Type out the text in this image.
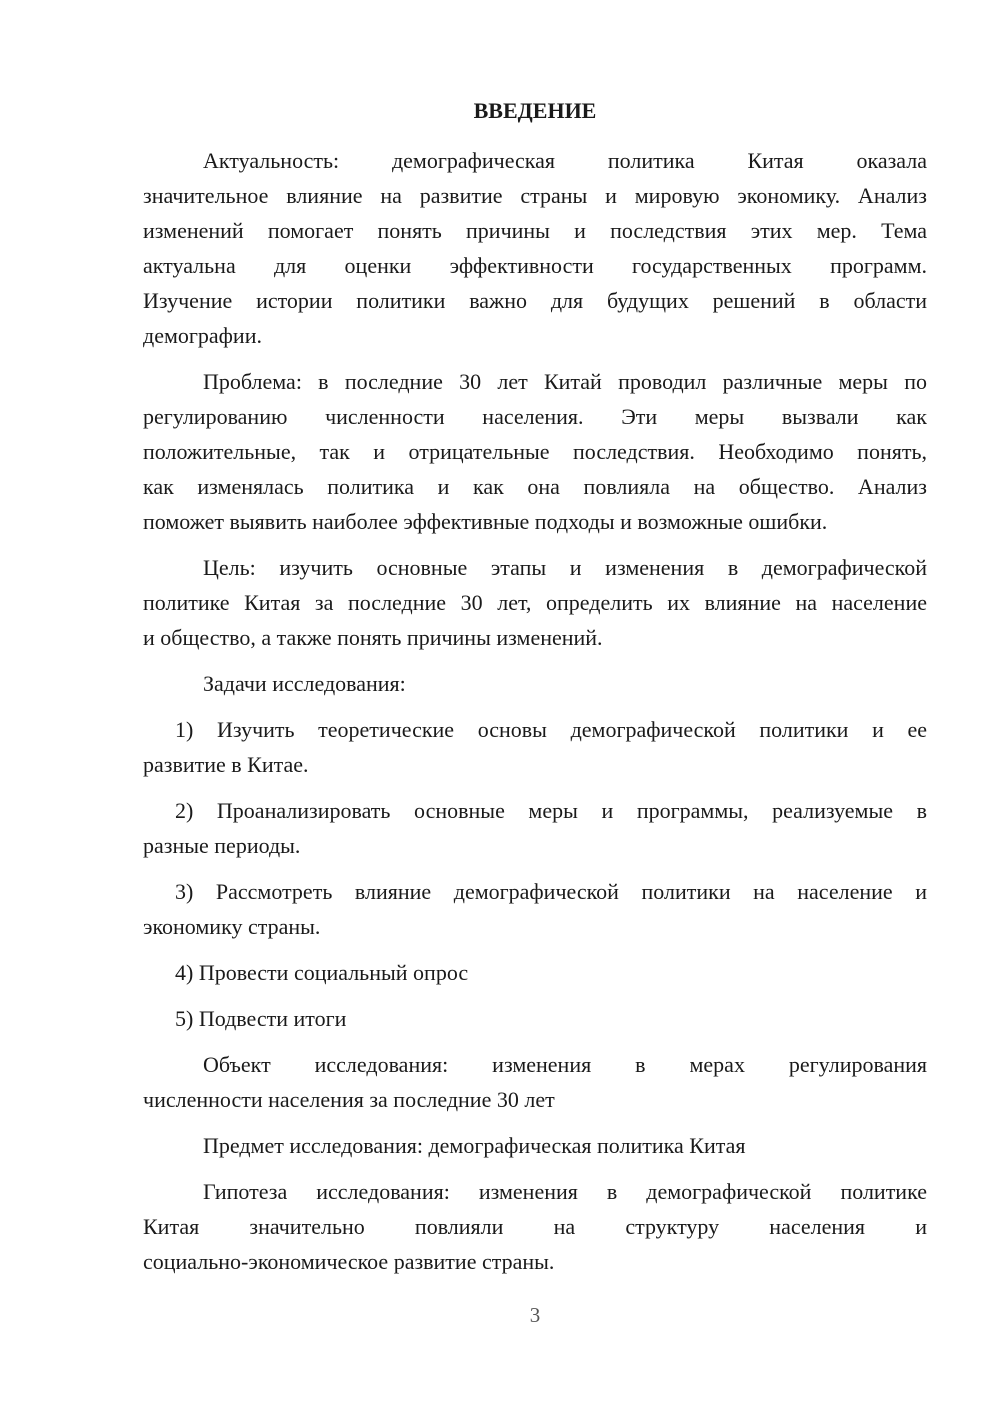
ВВЕДЕНИЕ
Актуальность: демографическая политика Китая оказала
значительное влияние на развитие страны и мировую экономику. Анализ
изменений помогает понять причины и последствия этих мер. Тема
актуальна для оценки эффективности государственных программ.
Изучение истории политики важно для будущих решений в области
демографии.
Проблема: в последние 30 лет Китай проводил различные меры по
регулированию численности населения. Эти меры вызвали как
положительные, так и отрицательные последствия. Необходимо понять,
как изменялась политика и как она повлияла на общество. Анализ
поможет выявить наиболее эффективные подходы и возможные ошибки.
Цель: изучить основные этапы и изменения в демографической
политике Китая за последние 30 лет, определить их влияние на население
и общество, а также понять причины изменений.
Задачи исследования:
1) Изучить теоретические основы демографической политики и ее
развитие в Китае.
2) Проанализировать основные меры и программы, реализуемые в
разные периоды.
3) Рассмотреть влияние демографической политики на население и
экономику страны.
4) Провести социальный опрос
5) Подвести итоги
Объект исследования: изменения в мерах регулирования
численности населения за последние 30 лет
Предмет исследования: демографическая политика Китая
Гипотеза исследования: изменения в демографической политике
Китая значительно повлияли на структуру населения и
социально-экономическое развитие страны.
3
